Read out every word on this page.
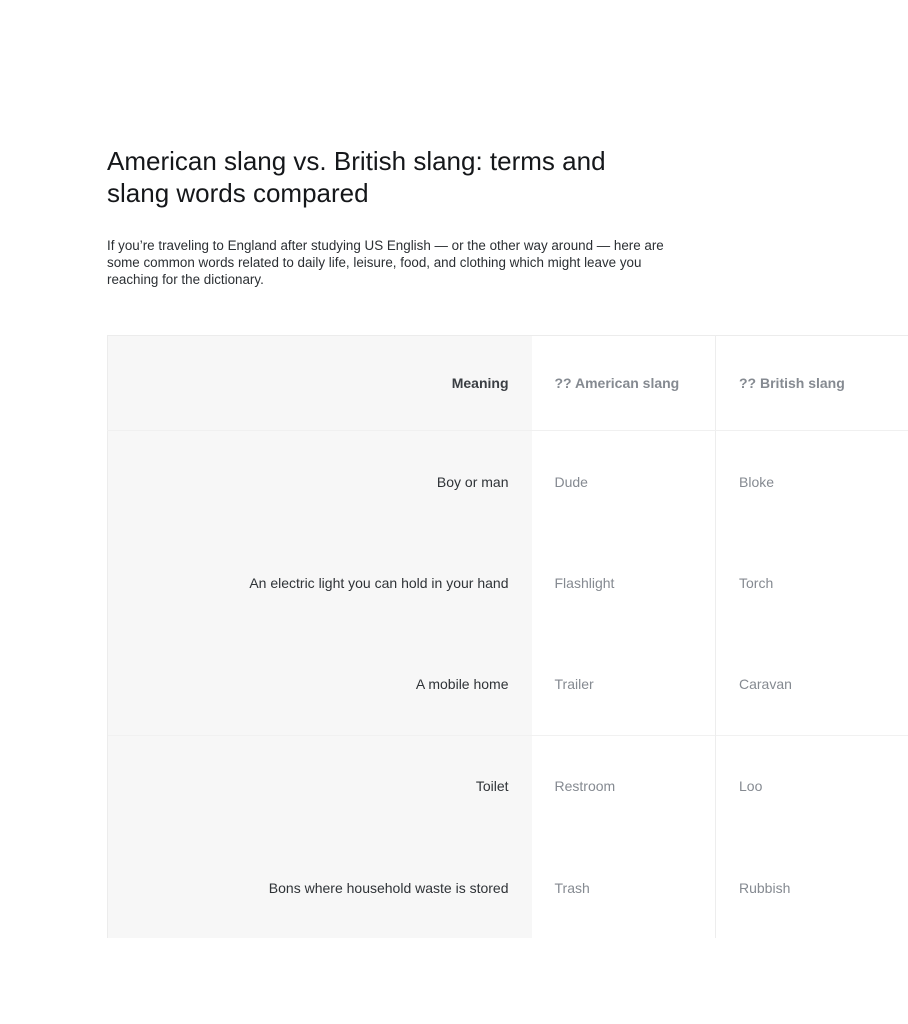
American slang vs. British slang: terms and slang words compared

If you’re traveling to England after studying US English — or the other way around — here are some common words related to daily life, leisure, food, and clothing which might leave you reaching for the dictionary.

Meaning	?? American slang	?? British slang
Boy or man	Dude	Bloke
An electric light you can hold in your hand	Flashlight	Torch
A mobile home	Trailer	Caravan
Toilet	Restroom	Loo
Bons where household waste is stored	Trash	Rubbish
